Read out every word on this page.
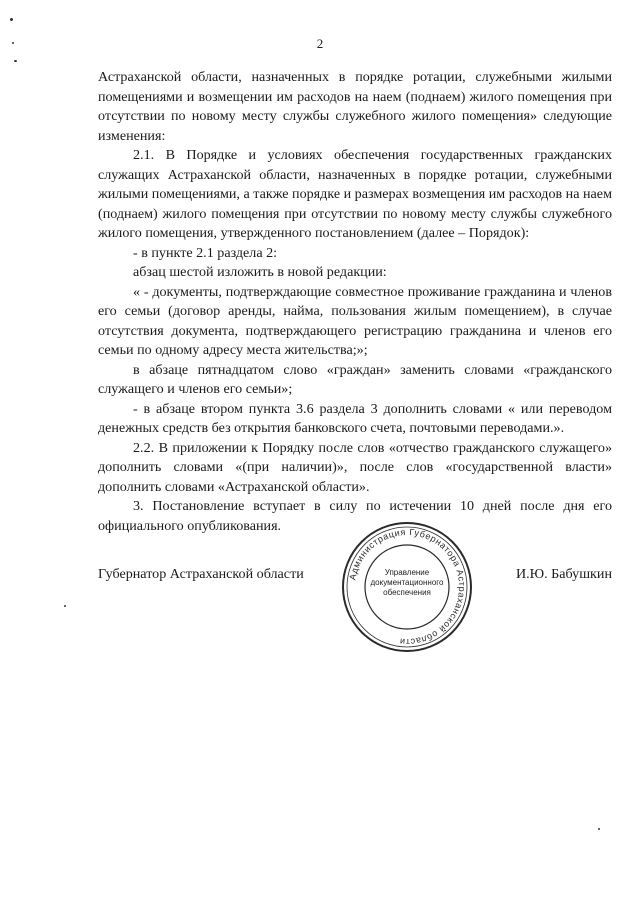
2

Астраханской области, назначенных в порядке ротации, служебными жилыми помещениями и возмещении им расходов на наем (поднаем) жилого помещения при отсутствии по новому месту службы служебного жилого помещения» следующие изменения:

2.1. В Порядке и условиях обеспечения государственных гражданских служащих Астраханской области, назначенных в порядке ротации, служебными жилыми помещениями, а также порядке и размерах возмещения им расходов на наем (поднаем) жилого помещения при отсутствии по новому месту службы служебного жилого помещения, утвержденного постановлением (далее – Порядок):

- в пункте 2.1 раздела 2:

абзац шестой изложить в новой редакции:

« - документы, подтверждающие совместное проживание гражданина и членов его семьи (договор аренды, найма, пользования жилым помещением), в случае отсутствия документа, подтверждающего регистрацию гражданина и членов его семьи по одному адресу места жительства;»;

в абзаце пятнадцатом слово «граждан» заменить словами «гражданского служащего и членов его семьи»;

- в абзаце втором пункта 3.6 раздела 3 дополнить словами « или переводом денежных средств без открытия банковского счета, почтовыми переводами.».

2.2. В приложении к Порядку после слов «отчество гражданского служащего» дополнить словами «(при наличии)», после слов «государственной власти» дополнить словами «Астраханской области».

3. Постановление вступает в силу по истечении 10 дней после дня его официального опубликования.

Губернатор Астраханской области	И.Ю. Бабушкин
Администрация Губернатора Астраханской области
Управление
документационного
обеспечения
